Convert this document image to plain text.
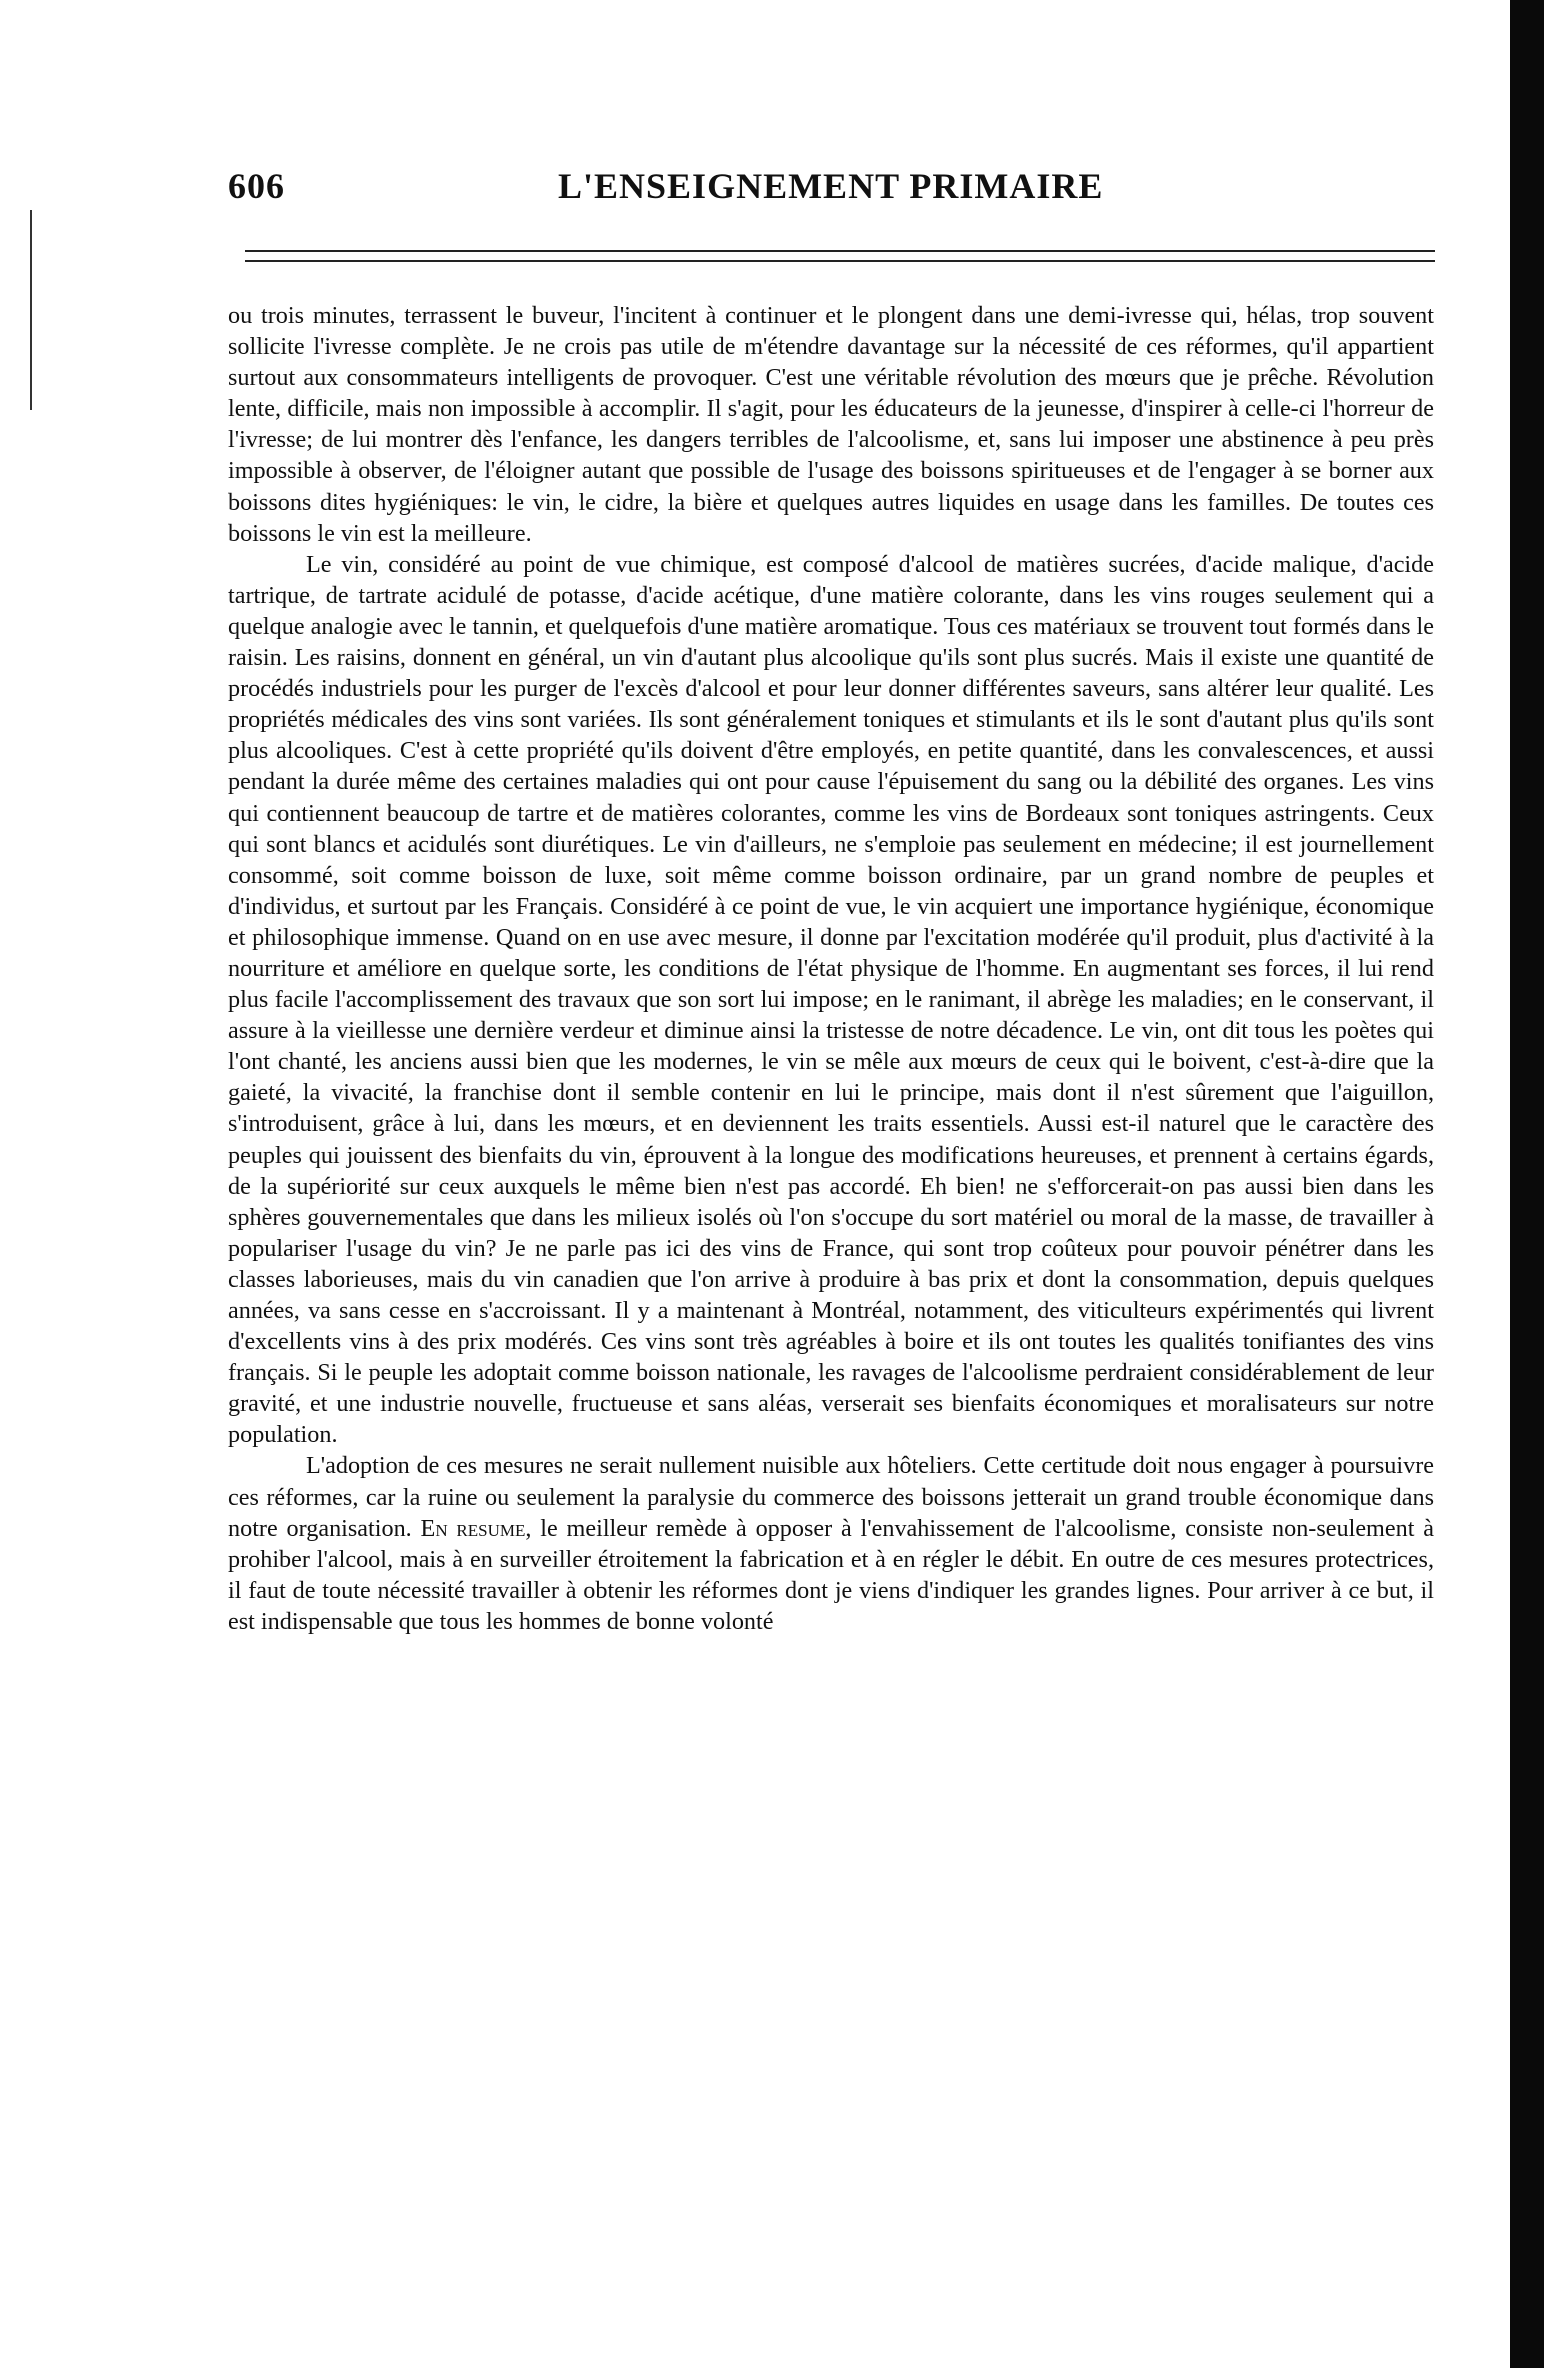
606	L'ENSEIGNEMENT PRIMAIRE

ou trois minutes, terrassent le buveur, l'incitent à continuer et le plongent dans une demi-ivresse qui, hélas, trop souvent sollicite l'ivresse complète. Je ne crois pas utile de m'étendre davantage sur la nécessité de ces réformes, qu'il appartient surtout aux consommateurs intelligents de provoquer. C'est une véritable révolution des mœurs que je prêche. Révolution lente, difficile, mais non impossible à accomplir. Il s'agit, pour les éducateurs de la jeunesse, d'inspirer à celle-ci l'horreur de l'ivresse; de lui montrer dès l'enfance, les dangers terribles de l'alcoolisme, et, sans lui imposer une abstinence à peu près impossible à observer, de l'éloigner autant que possible de l'usage des boissons spiritueuses et de l'engager à se borner aux boissons dites hygiéniques: le vin, le cidre, la bière et quelques autres liquides en usage dans les familles. De toutes ces boissons le vin est la meilleure.

Le vin, considéré au point de vue chimique, est composé d'alcool de matières sucrées, d'acide malique, d'acide tartrique, de tartrate acidulé de potasse, d'acide acétique, d'une matière colorante, dans les vins rouges seulement qui a quelque analogie avec le tannin, et quelquefois d'une matière aromatique. Tous ces matériaux se trouvent tout formés dans le raisin. Les raisins, donnent en général, un vin d'autant plus alcoolique qu'ils sont plus sucrés. Mais il existe une quantité de procédés industriels pour les purger de l'excès d'alcool et pour leur donner différentes saveurs, sans altérer leur qualité. Les propriétés médicales des vins sont variées. Ils sont généralement toniques et stimulants et ils le sont d'autant plus qu'ils sont plus alcooliques. C'est à cette propriété qu'ils doivent d'être employés, en petite quantité, dans les convalescences, et aussi pendant la durée même des certaines maladies qui ont pour cause l'épuisement du sang ou la débilité des organes. Les vins qui contiennent beaucoup de tartre et de matières colorantes, comme les vins de Bordeaux sont toniques astringents. Ceux qui sont blancs et acidulés sont diurétiques. Le vin d'ailleurs, ne s'emploie pas seulement en médecine; il est journellement consommé, soit comme boisson de luxe, soit même comme boisson ordinaire, par un grand nombre de peuples et d'individus, et surtout par les Français. Considéré à ce point de vue, le vin acquiert une importance hygiénique, économique et philosophique immense. Quand on en use avec mesure, il donne par l'excitation modérée qu'il produit, plus d'activité à la nourriture et améliore en quelque sorte, les conditions de l'état physique de l'homme. En augmentant ses forces, il lui rend plus facile l'accomplissement des travaux que son sort lui impose; en le ranimant, il abrège les maladies; en le conservant, il assure à la vieillesse une dernière verdeur et diminue ainsi la tristesse de notre décadence. Le vin, ont dit tous les poètes qui l'ont chanté, les anciens aussi bien que les modernes, le vin se mêle aux mœurs de ceux qui le boivent, c'est-à-dire que la gaieté, la vivacité, la franchise dont il semble contenir en lui le principe, mais dont il n'est sûrement que l'aiguillon, s'introduisent, grâce à lui, dans les mœurs, et en deviennent les traits essentiels. Aussi est-il naturel que le caractère des peuples qui jouissent des bienfaits du vin, éprouvent à la longue des modifications heureuses, et prennent à certains égards, de la supériorité sur ceux auxquels le même bien n'est pas accordé. Eh bien! ne s'efforcerait-on pas aussi bien dans les sphères gouvernementales que dans les milieux isolés où l'on s'occupe du sort matériel ou moral de la masse, de travailler à populariser l'usage du vin? Je ne parle pas ici des vins de France, qui sont trop coûteux pour pouvoir pénétrer dans les classes laborieuses, mais du vin canadien que l'on arrive à produire à bas prix et dont la consommation, depuis quelques années, va sans cesse en s'accroissant. Il y a maintenant à Montréal, notamment, des viticulteurs expérimentés qui livrent d'excellents vins à des prix modérés. Ces vins sont très agréables à boire et ils ont toutes les qualités tonifiantes des vins français. Si le peuple les adoptait comme boisson nationale, les ravages de l'alcoolisme perdraient considérablement de leur gravité, et une industrie nouvelle, fructueuse et sans aléas, verserait ses bienfaits économiques et moralisateurs sur notre population.

L'adoption de ces mesures ne serait nullement nuisible aux hôteliers. Cette certitude doit nous engager à poursuivre ces réformes, car la ruine ou seulement la paralysie du commerce des boissons jetterait un grand trouble économique dans notre organisation. En resume, le meilleur remède à opposer à l'envahissement de l'alcoolisme, consiste non-seulement à prohiber l'alcool, mais à en surveiller étroitement la fabrication et à en régler le débit. En outre de ces mesures protectrices, il faut de toute nécessité travailler à obtenir les réformes dont je viens d'indiquer les grandes lignes. Pour arriver à ce but, il est indispensable que tous les hommes de bonne volonté
